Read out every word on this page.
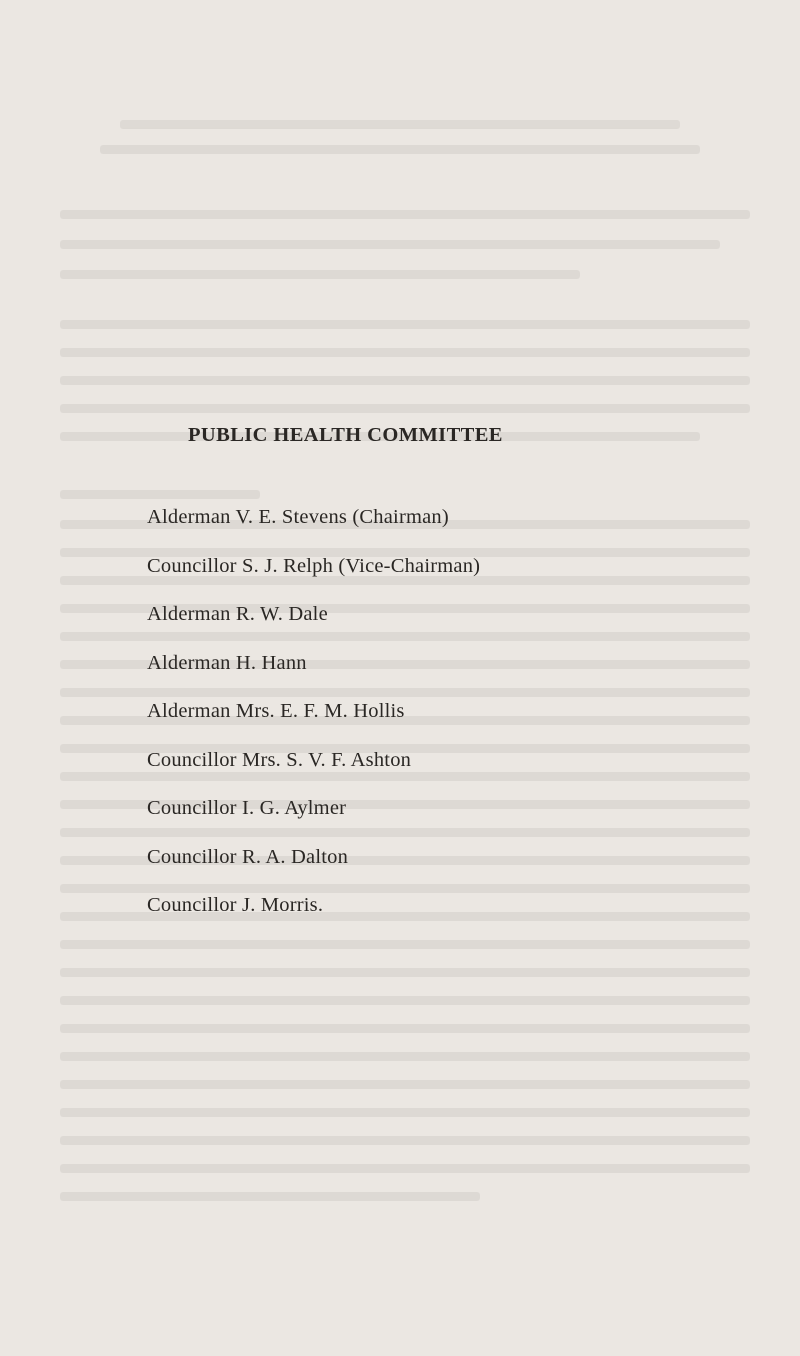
PUBLIC HEALTH COMMITTEE
Alderman V. E. Stevens (Chairman)
Councillor S. J. Relph (Vice-Chairman)
Alderman R. W. Dale
Alderman H. Hann
Alderman Mrs. E. F. M. Hollis
Councillor Mrs. S. V. F. Ashton
Councillor I. G. Aylmer
Councillor R. A. Dalton
Councillor J. Morris.
